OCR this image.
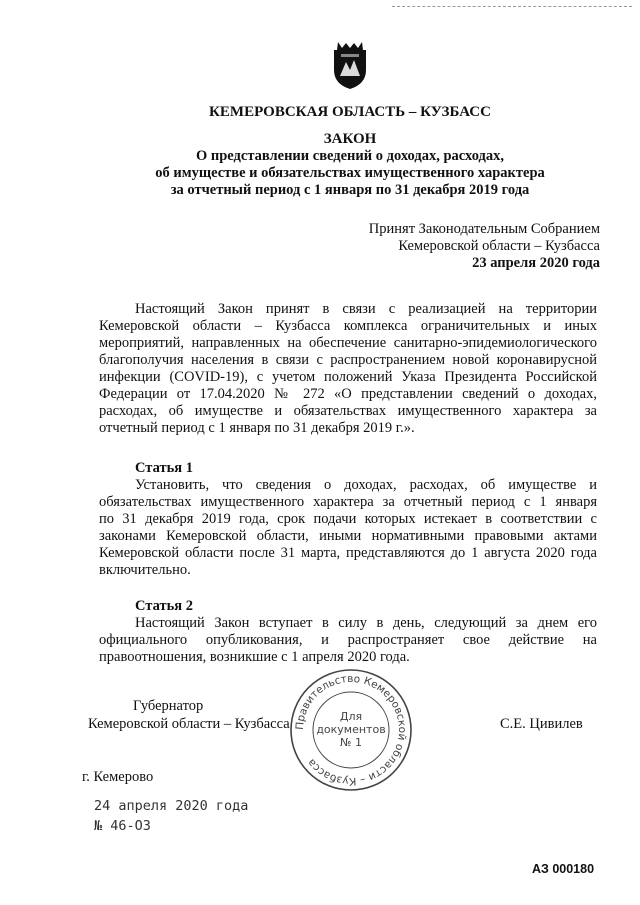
КЕМЕРОВСКАЯ ОБЛАСТЬ – КУЗБАСС
ЗАКОН
О представлении сведений о доходах, расходах,
об имуществе и обязательствах имущественного характера
за отчетный период с 1 января по 31 декабря 2019 года
Принят Законодательным Собранием
Кемеровской области – Кузбасса
23 апреля 2020 года
Настоящий Закон принят в связи с реализацией на территории
Кемеровской области – Кузбасса комплекса ограничительных и иных
мероприятий, направленных на обеспечение санитарно-эпидемиологического
благополучия населения в связи с распространением новой коронавирусной
инфекции (COVID-19), с учетом положений Указа Президента Российской
Федерации от 17.04.2020 № 272 «О представлении сведений о доходах,
расходах, об имуществе и обязательствах имущественного характера за
отчетный период с 1 января по 31 декабря 2019 г.».
Статья 1
Установить, что сведения о доходах, расходах, об имуществе и
обязательствах имущественного характера за отчетный период с 1 января
по 31 декабря 2019 года, срок подачи которых истекает в соответствии с
законами Кемеровской области, иными нормативными правовыми актами
Кемеровской области после 31 марта, представляются до 1 августа 2020 года
включительно.
Статья 2
Настоящий Закон вступает в силу в день, следующий за днем его
официального опубликования, и распространяет свое действие на
правоотношения, возникшие с 1 апреля 2020 года.
Губернатор
Кемеровской области – Кузбасса	С.Е. Цивилев
Правительство Кемеровской области – Кузбасса
Для
документов
№ 1
г. Кемерово
24 апреля 2020 года
№ 46-ОЗ
АЗ 000180
